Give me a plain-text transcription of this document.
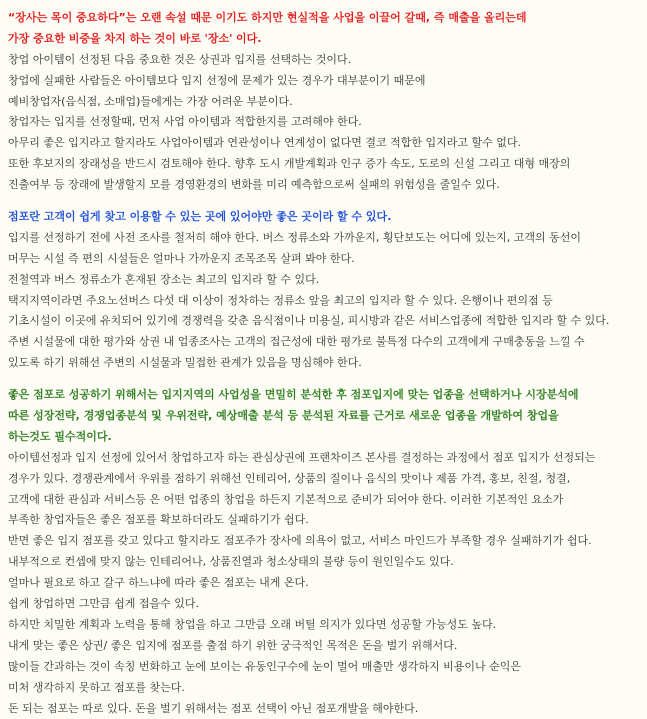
“장사는 목이 중요하다”는 오랜 속설 때문 이기도 하지만 현실적을 사업을 이끌어 갈때, 즉 매출을 올리는데
가장 중요한 비중을 차지 하는 것이 바로 '장소' 이다.
창업 아이템이 선정된 다음 중요한 것은 상권과 입지를 선택하는 것이다.
창업에 실패한 사람들은 아이템보다 입지 선정에 문제가 있는 경우가 대부분이기 때문에
예비창업자(음식점, 소매업)들에게는 가장 어려운 부분이다.
창업자는 입지를 선정할때, 먼저 사업 아이템과 적합한지를 고려해야 한다.
아무리 좋은 입지라고 할지라도 사업아이템과 연관성이나 연계성이 없다면 결코 적합한 입지라고 할수 없다.
또한 후보지의 장래성을 반드시 검토해야 한다. 향후 도시 개발계획과 인구 증가 속도, 도로의 신설 그리고 대형 매장의
진출여부 등 장래에 발생할지 모를 경영환경의 변화를 미리 예측함으로써 실패의 위험성을 줄일수 있다.
점포란 고객이 쉽게 찾고 이용할 수 있는 곳에 있어야만 좋은 곳이라 할 수 있다.
입지를 선정하기 전에 사전 조사를 철저히 해야 한다. 버스 정류소와 가까운지, 횡단보도는 어디에 있는지, 고객의 동선이
머무는 시설 즉 편의 시설들은 얼마나 가까운지 조목조목 살펴 봐야 한다.
전철역과 버스 정류소가 혼재된 장소는 최고의 입지라 할 수 있다.
택지지역이라면 주요노선버스 다섯 대 이상이 정차하는 정류소 앞을 최고의 입지라 할 수 있다. 은행이나 편의점 등
기초시설이 이곳에 유치되어 있기에 경쟁력을 갖춘 음식점이나 미용실, 피시방과 같은 서비스업종에 적합한 입지라 할 수 있다.
주변 시설물에 대한 평가와 상권 내 업종조사는 고객의 접근성에 대한 평가로 불특정 다수의 고객에게 구매충동을 느낄 수
있도록 하기 위해선 주변의 시설물과 밀접한 관계가 있음을 명심해야 한다.
좋은 점포로 성공하기 위해서는 입지지역의 사업성을 면밀히 분석한 후 점포입지에 맞는 업종을 선택하거나 시장분석에
따른 성장전략, 경쟁업종분석 및 우위전략, 예상매출 분석 등 분석된 자료를 근거로 새로운 업종을 개발하여 창업을
하는것도 필수적이다.
아이템선정과 입지 선정에 있어서 창업하고자 하는 관심상권에 프랜차이즈 본사를 결정하는 과정에서 점포 입지가 선정되는
경우가 있다. 경쟁관계에서 우위를 점하기 위해선 인테리어, 상품의 질이나 음식의 맛이나 제품 가격, 홍보, 친절, 청결,
고객에 대한 관심과 서비스등 은 어떤 업종의 창업을 하든지 기본적으로 준비가 되어야 한다. 이러한 기본적인 요소가
부족한 창업자들은 좋은 점포를 확보하더라도 실패하기가 쉽다.
반면 좋은 입지 점포를 갖고 있다고 할지라도 점포주가 장사에 의욕이 없고, 서비스 마인드가 부족할 경우 실패하기가 쉽다.
내부적으로 컨셉에 맞지 않는 인테리어나, 상품진열과 청소상태의 불량 등이 원인일수도 있다.
얼마나 필요로 하고 갈구 하느냐에 따라 좋은 점포는 내게 온다.
쉽게 창업하면 그만큼 쉽게 접을수 있다.
하지만 치밀한 계획과 노력을 통해 창업을 하고 그만큼 오래 버틸 의지가 있다면 성공할 가능성도 높다.
내게 맞는 좋은 상권/ 좋은 입지에 점포를 출점 하기 위한 궁극적인 목적은 돈을 벌기 위해서다.
많이들 간과하는 것이 속칭 번화하고 눈에 보이는 유동인구수에 눈이 멀어 매출만 생각하지 비용이나 순익은
미처 생각하지 못하고 점포를 찾는다.
돈 되는 점포는 따로 있다. 돈을 벌기 위해서는 점포 선택이 아닌 점포개발을 해야한다.
